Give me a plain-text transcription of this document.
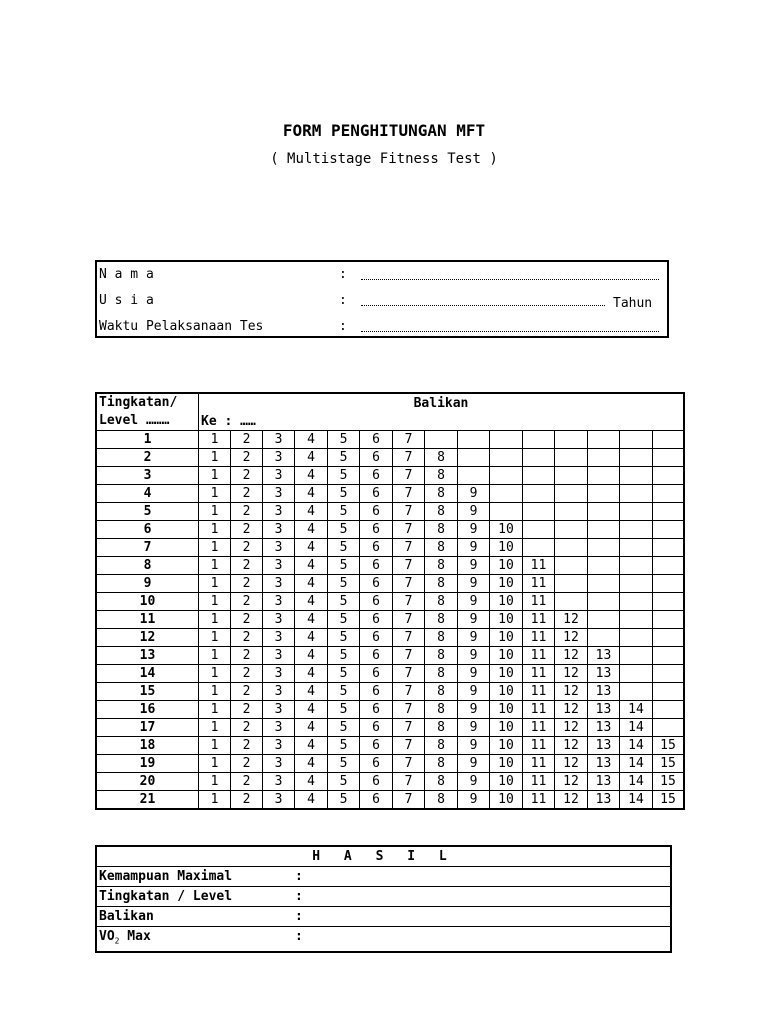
FORM PENGHITUNGAN MFT
( Multistage Fitness Test )
N a m a	:
U s i a	:	Tahun
Waktu Pelaksanaan Tes	:
Tingkatan/
Level ………	Balikan														
	Ke : ……														
1	1	2	3	4	5	6	7								
2	1	2	3	4	5	6	7	8							
3	1	2	3	4	5	6	7	8							
4	1	2	3	4	5	6	7	8	9						
5	1	2	3	4	5	6	7	8	9						
6	1	2	3	4	5	6	7	8	9	10					
7	1	2	3	4	5	6	7	8	9	10					
8	1	2	3	4	5	6	7	8	9	10	11				
9	1	2	3	4	5	6	7	8	9	10	11				
10	1	2	3	4	5	6	7	8	9	10	11				
11	1	2	3	4	5	6	7	8	9	10	11	12			
12	1	2	3	4	5	6	7	8	9	10	11	12			
13	1	2	3	4	5	6	7	8	9	10	11	12	13		
14	1	2	3	4	5	6	7	8	9	10	11	12	13		
15	1	2	3	4	5	6	7	8	9	10	11	12	13		
16	1	2	3	4	5	6	7	8	9	10	11	12	13	14	
17	1	2	3	4	5	6	7	8	9	10	11	12	13	14	
18	1	2	3	4	5	6	7	8	9	10	11	12	13	14	15
19	1	2	3	4	5	6	7	8	9	10	11	12	13	14	15
20	1	2	3	4	5	6	7	8	9	10	11	12	13	14	15
21	1	2	3	4	5	6	7	8	9	10	11	12	13	14	15
H A S I L
Kemampuan Maximal	:
Tingkatan / Level	:
Balikan	:
$VO_2$ Max	:
